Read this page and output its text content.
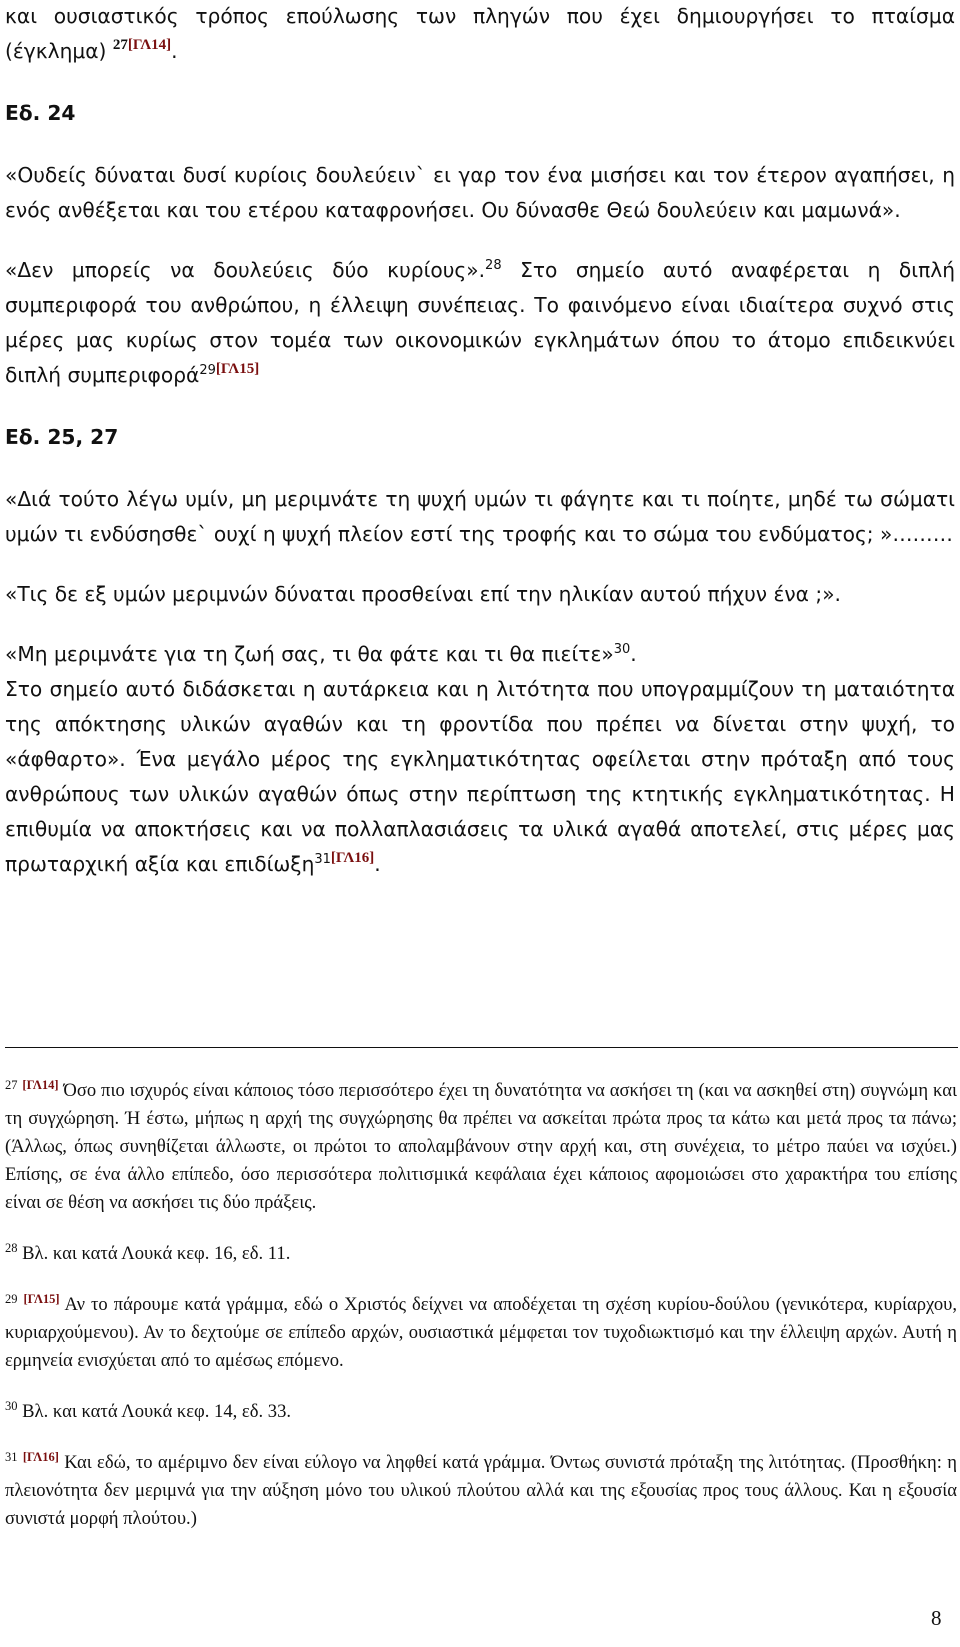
και ουσιαστικός τρόπος επούλωσης των πληγών που έχει δημιουργήσει το πταίσμα (έγκλημα) $^{27[\Gamma\Lambda 14]}$.

Εδ. 24

«Ουδείς δύναται δυσί κυρίοις δουλεύειν` ει γαρ τον ένα μισήσει και τον έτερον αγαπήσει, η ενός ανθέξεται και του ετέρου καταφρονήσει. Ου δύνασθε Θεώ δουλεύειν και μαμωνά».

«Δεν μπορείς να δουλεύεις δύο κυρίους».$^{28}$ Στο σημείο αυτό αναφέρεται η διπλή συμπεριφορά του ανθρώπου, η έλλειψη συνέπειας. Το φαινόμενο είναι ιδιαίτερα συχνό στις μέρες μας κυρίως στον τομέα των οικονομικών εγκλημάτων όπου το άτομο επιδεικνύει διπλή συμπεριφορά$^{29[\Gamma\Lambda 15]}$

Εδ. 25, 27

«Διά τούτο λέγω υμίν, μη μεριμνάτε τη ψυχή υμών τι φάγητε και τι ποίητε, μηδέ τω σώματι υμών τι ενδύσησθε` ουχί η ψυχή πλείον εστί της τροφής και το σώμα του ενδύματος; »………

«Τις δε εξ υμών μεριμνών δύναται προσθείναι επί την ηλικίαν αυτού πήχυν ένα ;».

«Μη μεριμνάτε για τη ζωή σας, τι θα φάτε και τι θα πιείτε»$^{30}$.
Στο σημείο αυτό διδάσκεται η αυτάρκεια και η λιτότητα που υπογραμμίζουν τη ματαιότητα της απόκτησης υλικών αγαθών και τη φροντίδα που πρέπει να δίνεται στην ψυχή, το «άφθαρτο». Ένα μεγάλο μέρος της εγκληματικότητας οφείλεται στην πρόταξη από τους ανθρώπους των υλικών αγαθών όπως στην περίπτωση της κτητικής εγκληματικότητας. Η επιθυμία να αποκτήσεις και να πολλαπλασιάσεις τα υλικά αγαθά αποτελεί, στις μέρες μας πρωταρχική αξία και επιδίωξη$^{31[\Gamma\Lambda 16]}$.

$^{27}$ [ΓΛ14] Όσο πιο ισχυρός είναι κάποιος τόσο περισσότερο έχει τη δυνατότητα να ασκήσει τη (και να ασκηθεί στη) συγνώμη και τη συγχώρηση. Ή έστω, μήπως η αρχή της συγχώρησης θα πρέπει να ασκείται πρώτα προς τα κάτω και μετά προς τα πάνω; (Άλλως, όπως συνηθίζεται άλλωστε, οι πρώτοι το απολαμβάνουν στην αρχή και, στη συνέχεια, το μέτρο παύει να ισχύει.) Επίσης, σε ένα άλλο επίπεδο, όσο περισσότερα πολιτισμικά κεφάλαια έχει κάποιος αφομοιώσει στο χαρακτήρα του επίσης είναι σε θέση να ασκήσει τις δύο πράξεις.

$^{28}$ Βλ. και κατά Λουκά κεφ. 16, εδ. 11.

$^{29}$ [ΓΛ15] Αν το πάρουμε κατά γράμμα, εδώ ο Χριστός δείχνει να αποδέχεται τη σχέση κυρίου-δούλου (γενικότερα, κυρίαρχου, κυριαρχούμενου). Αν το δεχτούμε σε επίπεδο αρχών, ουσιαστικά μέμφεται τον τυχοδιωκτισμό και την έλλειψη αρχών. Αυτή η ερμηνεία ενισχύεται από το αμέσως επόμενο.

$^{30}$ Βλ. και κατά Λουκά κεφ. 14, εδ. 33.

$^{31}$ [ΓΛ16] Και εδώ, το αμέριμνο δεν είναι εύλογο να ληφθεί κατά γράμμα. Όντως συνιστά πρόταξη της λιτότητας. (Προσθήκη: η πλειονότητα δεν μεριμνά για την αύξηση μόνο του υλικού πλούτου αλλά και της εξουσίας προς τους άλλους. Και η εξουσία συνιστά μορφή πλούτου.)

8
